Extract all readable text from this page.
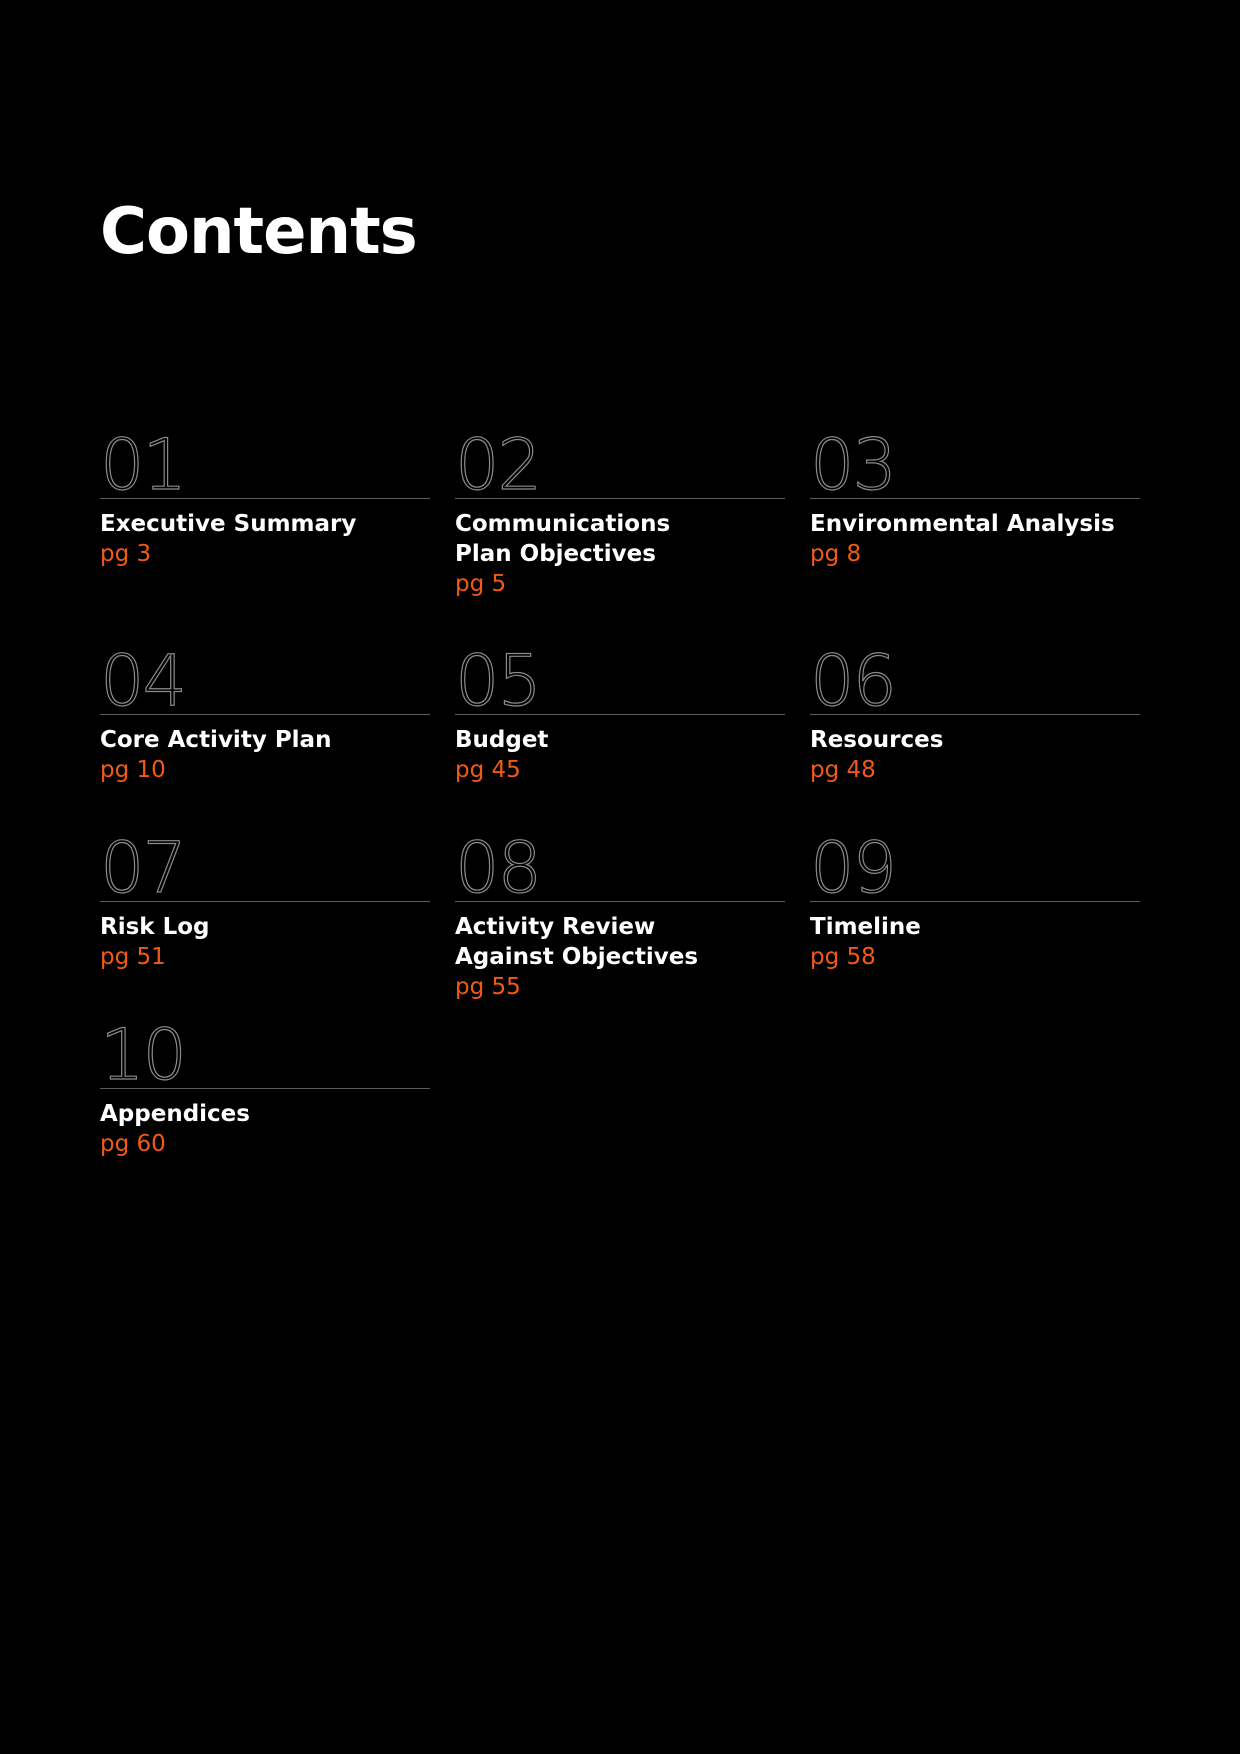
Contents
01
Executive Summary
pg 3
02
Communications
Plan Objectives
pg 5
03
Environmental Analysis
pg 8
04
Core Activity Plan
pg 10
05
Budget
pg 45
06
Resources
pg 48
07
Risk Log
pg 51
08
Activity Review
Against Objectives
pg 55
09
Timeline
pg 58
10
Appendices
pg 60
